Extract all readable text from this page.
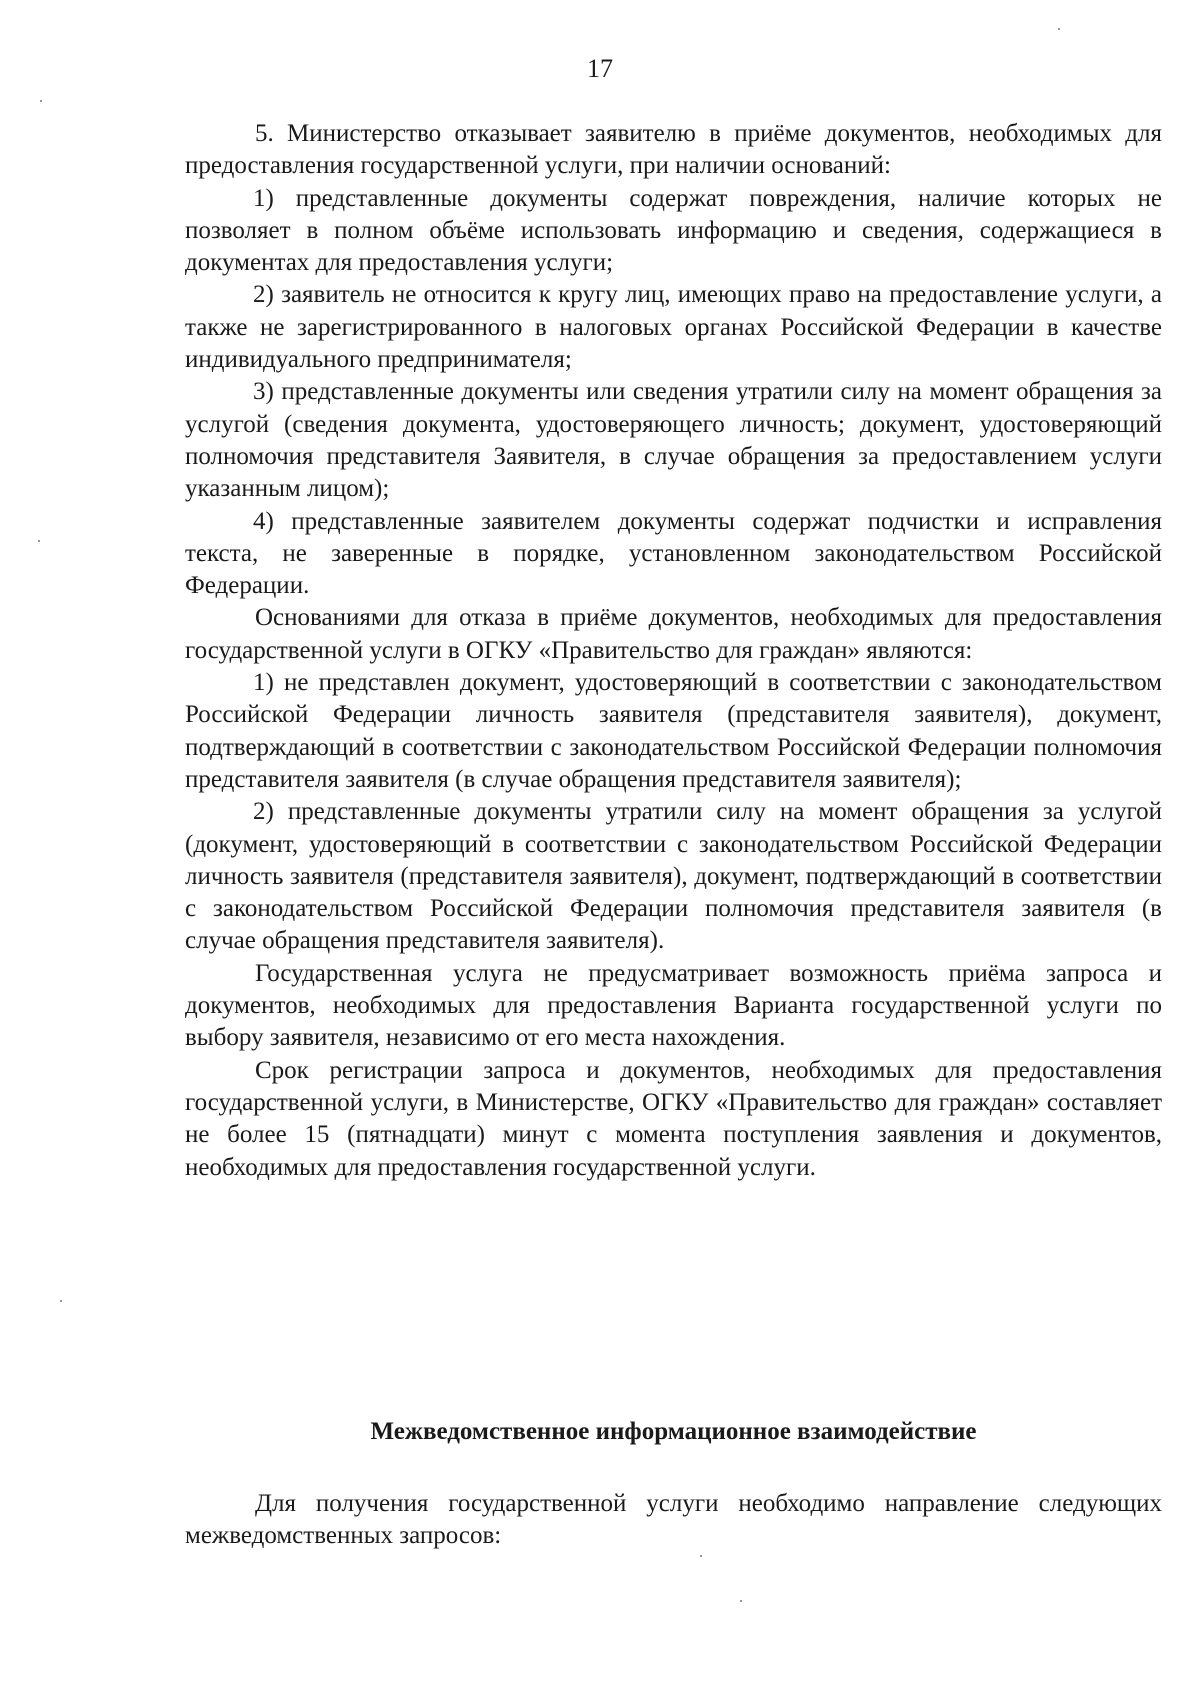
17

5. Министерство отказывает заявителю в приёме документов, необходимых для предоставления государственной услуги, при наличии оснований:

1) представленные документы содержат повреждения, наличие которых не позволяет в полном объёме использовать информацию и сведения, содержащиеся в документах для предоставления услуги;

2) заявитель не относится к кругу лиц, имеющих право на предоставление услуги, а также не зарегистрированного в налоговых органах Российской Федерации в качестве индивидуального предпринимателя;

3) представленные документы или сведения утратили силу на момент обращения за услугой (сведения документа, удостоверяющего личность; документ, удостоверяющий полномочия представителя Заявителя, в случае обращения за предоставлением услуги указанным лицом);

4) представленные заявителем документы содержат подчистки и исправления текста, не заверенные в порядке, установленном законодательством Российской Федерации.

Основаниями для отказа в приёме документов, необходимых для предоставления государственной услуги в ОГКУ «Правительство для граждан» являются:

1) не представлен документ, удостоверяющий в соответствии с законодательством Российской Федерации личность заявителя (представителя заявителя), документ, подтверждающий в соответствии с законодательством Российской Федерации полномочия представителя заявителя (в случае обращения представителя заявителя);

2) представленные документы утратили силу на момент обращения за услугой (документ, удостоверяющий в соответствии с законодательством Российской Федерации личность заявителя (представителя заявителя), документ, подтверждающий в соответствии с законодательством Российской Федерации полномочия представителя заявителя (в случае обращения представителя заявителя).

Государственная услуга не предусматривает возможность приёма запроса и документов, необходимых для предоставления Варианта государственной услуги по выбору заявителя, независимо от его места нахождения.

Срок регистрации запроса и документов, необходимых для предоставления государственной услуги, в Министерстве, ОГКУ «Правительство для граждан» составляет не более 15 (пятнадцати) минут с момента поступления заявления и документов, необходимых для предоставления государственной услуги.

Межведомственное информационное взаимодействие

Для получения государственной услуги необходимо направление следующих межведомственных запросов:
